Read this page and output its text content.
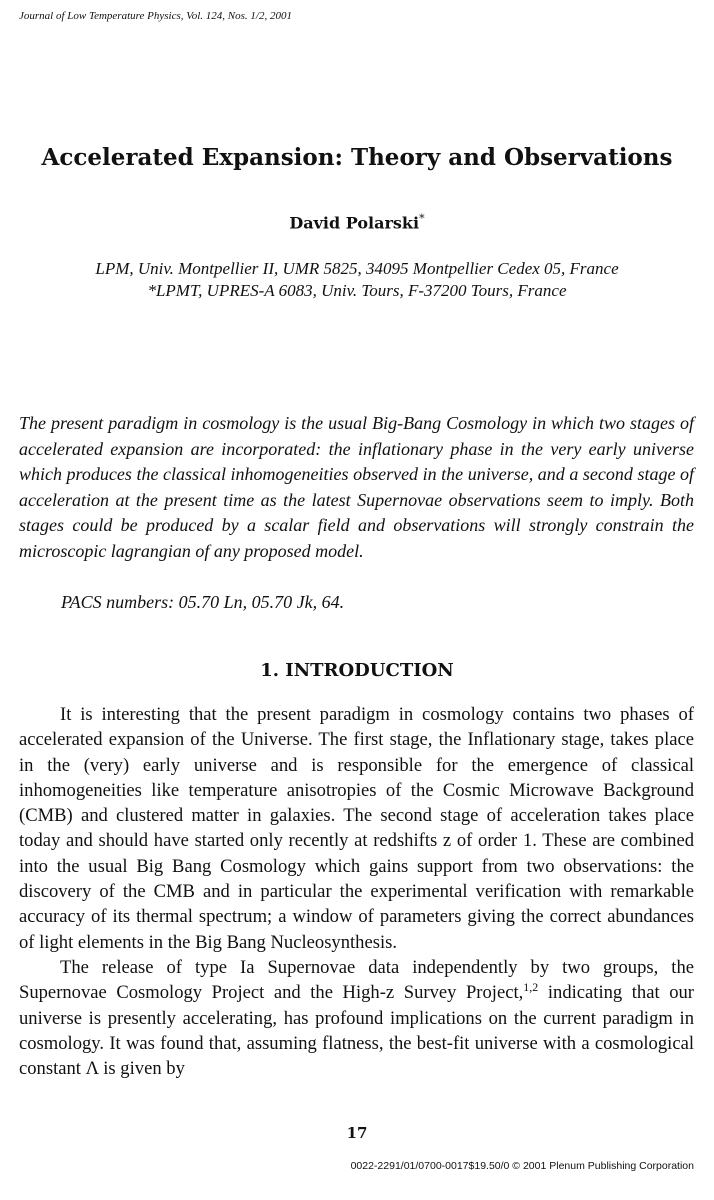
Journal of Low Temperature Physics, Vol. 124, Nos. 1/2, 2001
Accelerated Expansion: Theory and Observations
David Polarski*
LPM, Univ. Montpellier II, UMR 5825, 34095 Montpellier Cedex 05, France
*LPMT, UPRES-A 6083, Univ. Tours, F-37200 Tours, France

The present paradigm in cosmology is the usual Big-Bang Cosmology in which two stages of accelerated expansion are incorporated: the inflationary phase in the very early universe which produces the classical inhomogeneities observed in the universe, and a second stage of acceleration at the present time as the latest Supernovae observations seem to imply. Both stages could be produced by a scalar field and observations will strongly constrain the microscopic lagrangian of any proposed model.

PACS numbers: 05.70 Ln, 05.70 Jk, 64.
1. INTRODUCTION

It is interesting that the present paradigm in cosmology contains two phases of accelerated expansion of the Universe. The first stage, the Inflationary stage, takes place in the (very) early universe and is responsible for the emergence of classical inhomogeneities like temperature anisotropies of the Cosmic Microwave Background (CMB) and clustered matter in galaxies. The second stage of acceleration takes place today and should have started only recently at redshifts z of order 1. These are combined into the usual Big Bang Cosmology which gains support from two observations: the discovery of the CMB and in particular the experimental verification with remarkable accuracy of its thermal spectrum; a window of parameters giving the correct abundances of light elements in the Big Bang Nucleosynthesis.

The release of type Ia Supernovae data independently by two groups, the Supernovae Cosmology Project and the High-z Survey Project,$^{1,2}$ indicating that our universe is presently accelerating, has profound implications on the current paradigm in cosmology. It was found that, assuming flatness, the best-fit universe with a cosmological constant Λ is given by

17
0022-2291/01/0700-0017$19.50/0 © 2001 Plenum Publishing Corporation
